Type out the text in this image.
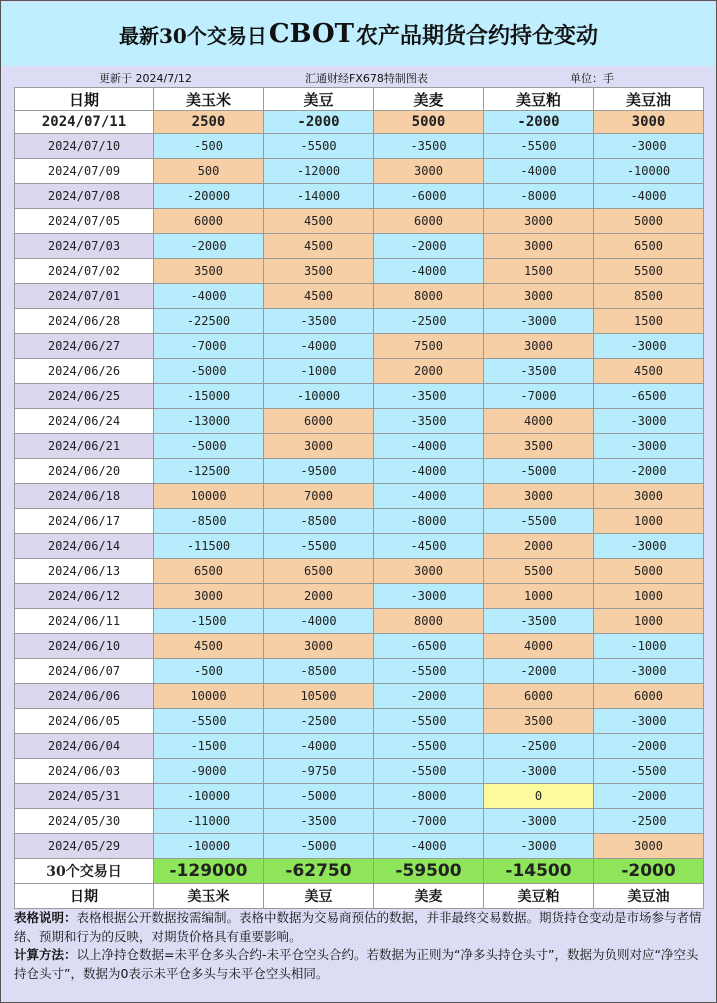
最新30个交易日 CBOT 农产品期货合约持仓变动
更新于 2024/7/12	汇通财经FX678特制图表	单位：手
日期	美玉米	美豆	美麦	美豆粕	美豆油
2024/07/11	2500	-2000	5000	-2000	3000
2024/07/10	-500	-5500	-3500	-5500	-3000
2024/07/09	500	-12000	3000	-4000	-10000
2024/07/08	-20000	-14000	-6000	-8000	-4000
2024/07/05	6000	4500	6000	3000	5000
2024/07/03	-2000	4500	-2000	3000	6500
2024/07/02	3500	3500	-4000	1500	5500
2024/07/01	-4000	4500	8000	3000	8500
2024/06/28	-22500	-3500	-2500	-3000	1500
2024/06/27	-7000	-4000	7500	3000	-3000
2024/06/26	-5000	-1000	2000	-3500	4500
2024/06/25	-15000	-10000	-3500	-7000	-6500
2024/06/24	-13000	6000	-3500	4000	-3000
2024/06/21	-5000	3000	-4000	3500	-3000
2024/06/20	-12500	-9500	-4000	-5000	-2000
2024/06/18	10000	7000	-4000	3000	3000
2024/06/17	-8500	-8500	-8000	-5500	1000
2024/06/14	-11500	-5500	-4500	2000	-3000
2024/06/13	6500	6500	3000	5500	5000
2024/06/12	3000	2000	-3000	1000	1000
2024/06/11	-1500	-4000	8000	-3500	1000
2024/06/10	4500	3000	-6500	4000	-1000
2024/06/07	-500	-8500	-5500	-2000	-3000
2024/06/06	10000	10500	-2000	6000	6000
2024/06/05	-5500	-2500	-5500	3500	-3000
2024/06/04	-1500	-4000	-5500	-2500	-2000
2024/06/03	-9000	-9750	-5500	-3000	-5500
2024/05/31	-10000	-5000	-8000	0	-2000
2024/05/30	-11000	-3500	-7000	-3000	-2500
2024/05/29	-10000	-5000	-4000	-3000	3000
30个交易日	-129000	-62750	-59500	-14500	-2000
日期	美玉米	美豆	美麦	美豆粕	美豆油
表格说明：表格根据公开数据按需编制。表格中数据为交易商预估的数据，并非最终交易数据。期货持仓变动是市场参与者情绪、预期和行为的反映，对期货价格具有重要影响。
计算方法：以上净持仓数据=未平仓多头合约-未平仓空头合约。若数据为正则为“净多头持仓头寸”，数据为负则对应“净空头持仓头寸”，数据为0表示未平仓多头与未平仓空头相同。
